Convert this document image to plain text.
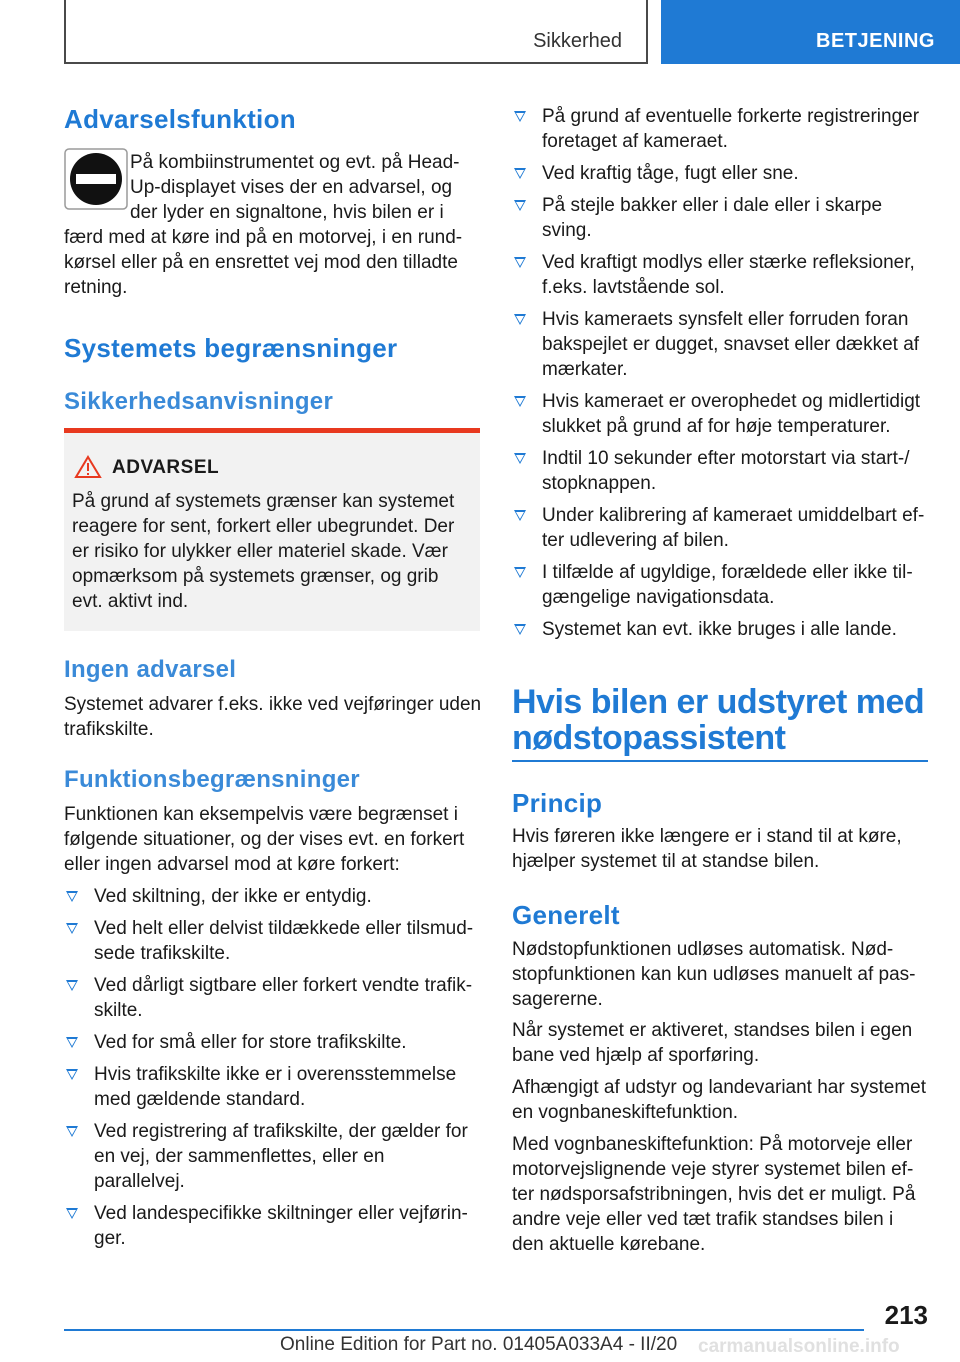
Sikkerhed	BETJENING
Advarselsfunktion

På kombiinstrumentet og evt. på Head-Up-displayet vises der en advarsel, og der lyder en signaltone, hvis bilen er i

færd med at køre ind på en motorvej, i en rund-kørsel eller på en ensrettet vej mod den tilladte retning.

Systemets begrænsninger
Sikkerhedsanvisninger
ADVARSEL

På grund af systemets grænser kan systemet reagere for sent, forkert eller ubegrundet. Der er risiko for ulykker eller materiel skade. Vær opmærksom på systemets grænser, og grib evt. aktivt ind.

Ingen advarsel

Systemet advarer f.eks. ikke ved vejføringer uden trafikskilte.

Funktionsbegrænsninger

Funktionen kan eksempelvis være begrænset i følgende situationer, og der vises evt. en forkert eller ingen advarsel mod at køre forkert:

Ved skiltning, der ikke er entydig.
Ved helt eller delvist tildækkede eller tilsmud-sede trafikskilte.
Ved dårligt sigtbare eller forkert vendte trafik-skilte.
Ved for små eller for store trafikskilte.
Hvis trafikskilte ikke er i overensstemmelse med gældende standard.
Ved registrering af trafikskilte, der gælder for en vej, der sammenflettes, eller en parallelvej.
Ved landespecifikke skiltninger eller vejførin-ger.
På grund af eventuelle forkerte registreringer foretaget af kameraet.
Ved kraftig tåge, fugt eller sne.
På stejle bakker eller i dale eller i skarpe sving.
Ved kraftigt modlys eller stærke refleksioner, f.eks. lavtstående sol.
Hvis kameraets synsfelt eller forruden foran bakspejlet er dugget, snavset eller dækket af mærkater.
Hvis kameraet er overophedet og midlertidigt slukket på grund af for høje temperaturer.
Indtil 10 sekunder efter motorstart via start-/ stopknappen.
Under kalibrering af kameraet umiddelbart ef-ter udlevering af bilen.
I tilfælde af ugyldige, forældede eller ikke til-gængelige navigationsdata.
Systemet kan evt. ikke bruges i alle lande.
Hvis bilen er udstyret med nødstopassistent
Princip

Hvis føreren ikke længere er i stand til at køre, hjælper systemet til at standse bilen.

Generelt

Nødstopfunktionen udløses automatisk. Nød-stopfunktionen kan kun udløses manuelt af pas-sagererne.

Når systemet er aktiveret, standses bilen i egen bane ved hjælp af sporføring.

Afhængigt af udstyr og landevariant har systemet en vognbaneskiftefunktion.

Med vognbaneskiftefunktion: På motorveje eller motorvejslignende veje styrer systemet bilen ef-ter nødsporsafstribningen, hvis det er muligt. På andre veje eller ved tæt trafik standses bilen i den aktuelle kørebane.

213
Online Edition for Part no. 01405A033A4 - II/20 carmanualsonline.info
